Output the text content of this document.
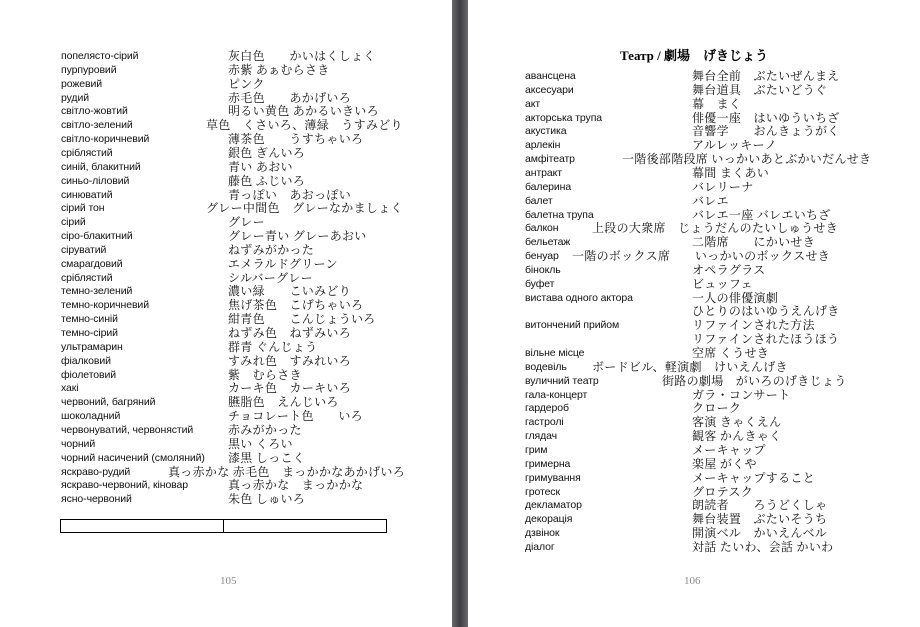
попелясто-сірий	灰白色　　かいはくしょく
пурпуровий	赤紫 あぁむらさき
рожевий	ピンク
рудий	赤毛色　　あかげいろ
світло-жовтий	明るい黄色 あかるいきいろ
світло-зелений	草色　くさいろ、薄緑　うすみどり
світло-коричневий	薄茶色　　うすちゃいろ
сріблястий	銀色 ぎんいろ
синій, блакитний	青い あおい
синьо-ліловий	藤色 ふじいろ
синюватий	青っぽい　あおっぽい
сірий тон	グレー中間色　グレーなかましょく
сірий	グレー
сіро-блакитний	グレー青い グレーあおい
сіруватий	ねずみがかった
смарагдовий	エメラルドグリーン
сріблястий	シルバーグレー
темно-зелений	濃い緑　　こいみどり
темно-коричневий	焦げ茶色　こげちゃいろ
темно-синій	紺青色　　こんじょういろ
темно-сірий	ねずみ色　ねずみいろ
ультрамарин	群青 ぐんじょう
фіалковий	すみれ色　すみれいろ
фіолетовий	紫　むらさき
хакі	カーキ色　カーキいろ
червоний, багряний	臙脂色　えんじいろ
шоколадний	チョコレート色　　いろ
червонуватий, червонястий	赤みがかった
чорний	黒い くろい
чорний насичений (смоляний) 漆黒 しっこく
яскраво-рудий	真っ赤かな 赤毛色　まっかかなあかげいろ
яскраво-червоний, кіновар	真っ赤かな　まっかかな
ясно-червоний	朱色 しゅいろ
Театр / 劇場　げきじょう
авансцена	舞台全前　ぶたいぜんまえ
аксесуари	舞台道具　ぶたいどうぐ
акт	幕　まく
акторська трупа	俳優一座　はいゆういちざ
акустика	音響学　　おんきょうがく
арлекін	アルレッキーノ
амфітеатр	一階後部階段席 いっかいあとぶかいだんせき
антракт	幕間 まくあい
балерина	バレリーナ
балет	バレエ
балетна трупа	バレエ一座 バレエいちざ
балкон	上段の大衆席　じょうだんのたいしゅうせき
бельетаж	二階席　　にかいせき
бенуар 一階のボックス席　　いっかいのボックスせき
бінокль	オペラグラス
буфет	ビュッフェ
вистава одного актора	一人の俳優演劇
ひとりのはいゆうえんげき
витончений прийом	リファインされた方法
リファインされたほうほう
вільне місце	空席 くうせき
водевіль ボードビル、軽演劇　けいえんげき
вуличний театр	街路の劇場　がいろのげきじょう
гала-концерт	ガラ・コンサート
гардероб	クローク
гастролі	客演 きゃくえん
глядач	観客 かんきゃく
грим	メーキャップ
гримерна	楽屋 がくや
гримування	メーキャップすること
гротеск	グロテスク
декламатор	朗読者　　ろうどくしゃ
декорація	舞台装置　ぶたいそうち
дзвінок	開演ベル　かいえんベル
діалог	対話 たいわ、会話 かいわ
105	106
